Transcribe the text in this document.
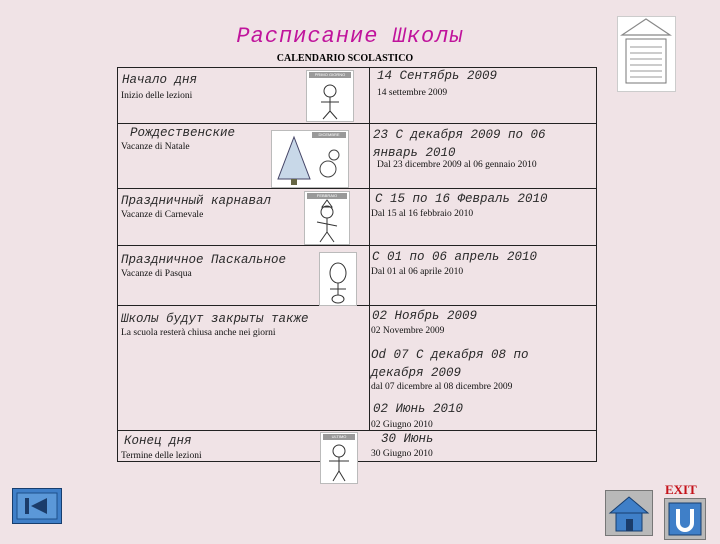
Расписание Школы
CALENDARIO SCOLASTICO
Начало дня
Inizio delle lezioni
PRIMO GIORNO	14 Сентябрь 2009
14 settembre 2009
Рождественские
Vacanze di Natale
DICEMBRE	23 С декабря 2009 по 06 январь 2010
Dal 23 dicembre 2009 al 06 gennaio 2010
Праздничный карнавал
Vacanze di Carnevale
FEBBRAIO	С 15 по 16 Февраль 2010
Dal 15 al 16 febbraio 2010
Праздничное Паскальное
Vacanze di Pasqua
С 01 по 06 апрель 2010
Dal 01 al 06 aprile 2010
Школы будут закрыты также
La scuola resterà chiusa anche nei giorni
02 Ноябрь 2009
02 Novembre 2009
Od 07 С декабря 08 по декабря 2009
dal 07 dicembre al 08 dicembre 2009
02 Июнь 2010
02 Giugno 2010
Конец дня
Termine delle lezioni
ULTIMO GIORNO	30 Июнь
30 Giugno 2010
EXIT
